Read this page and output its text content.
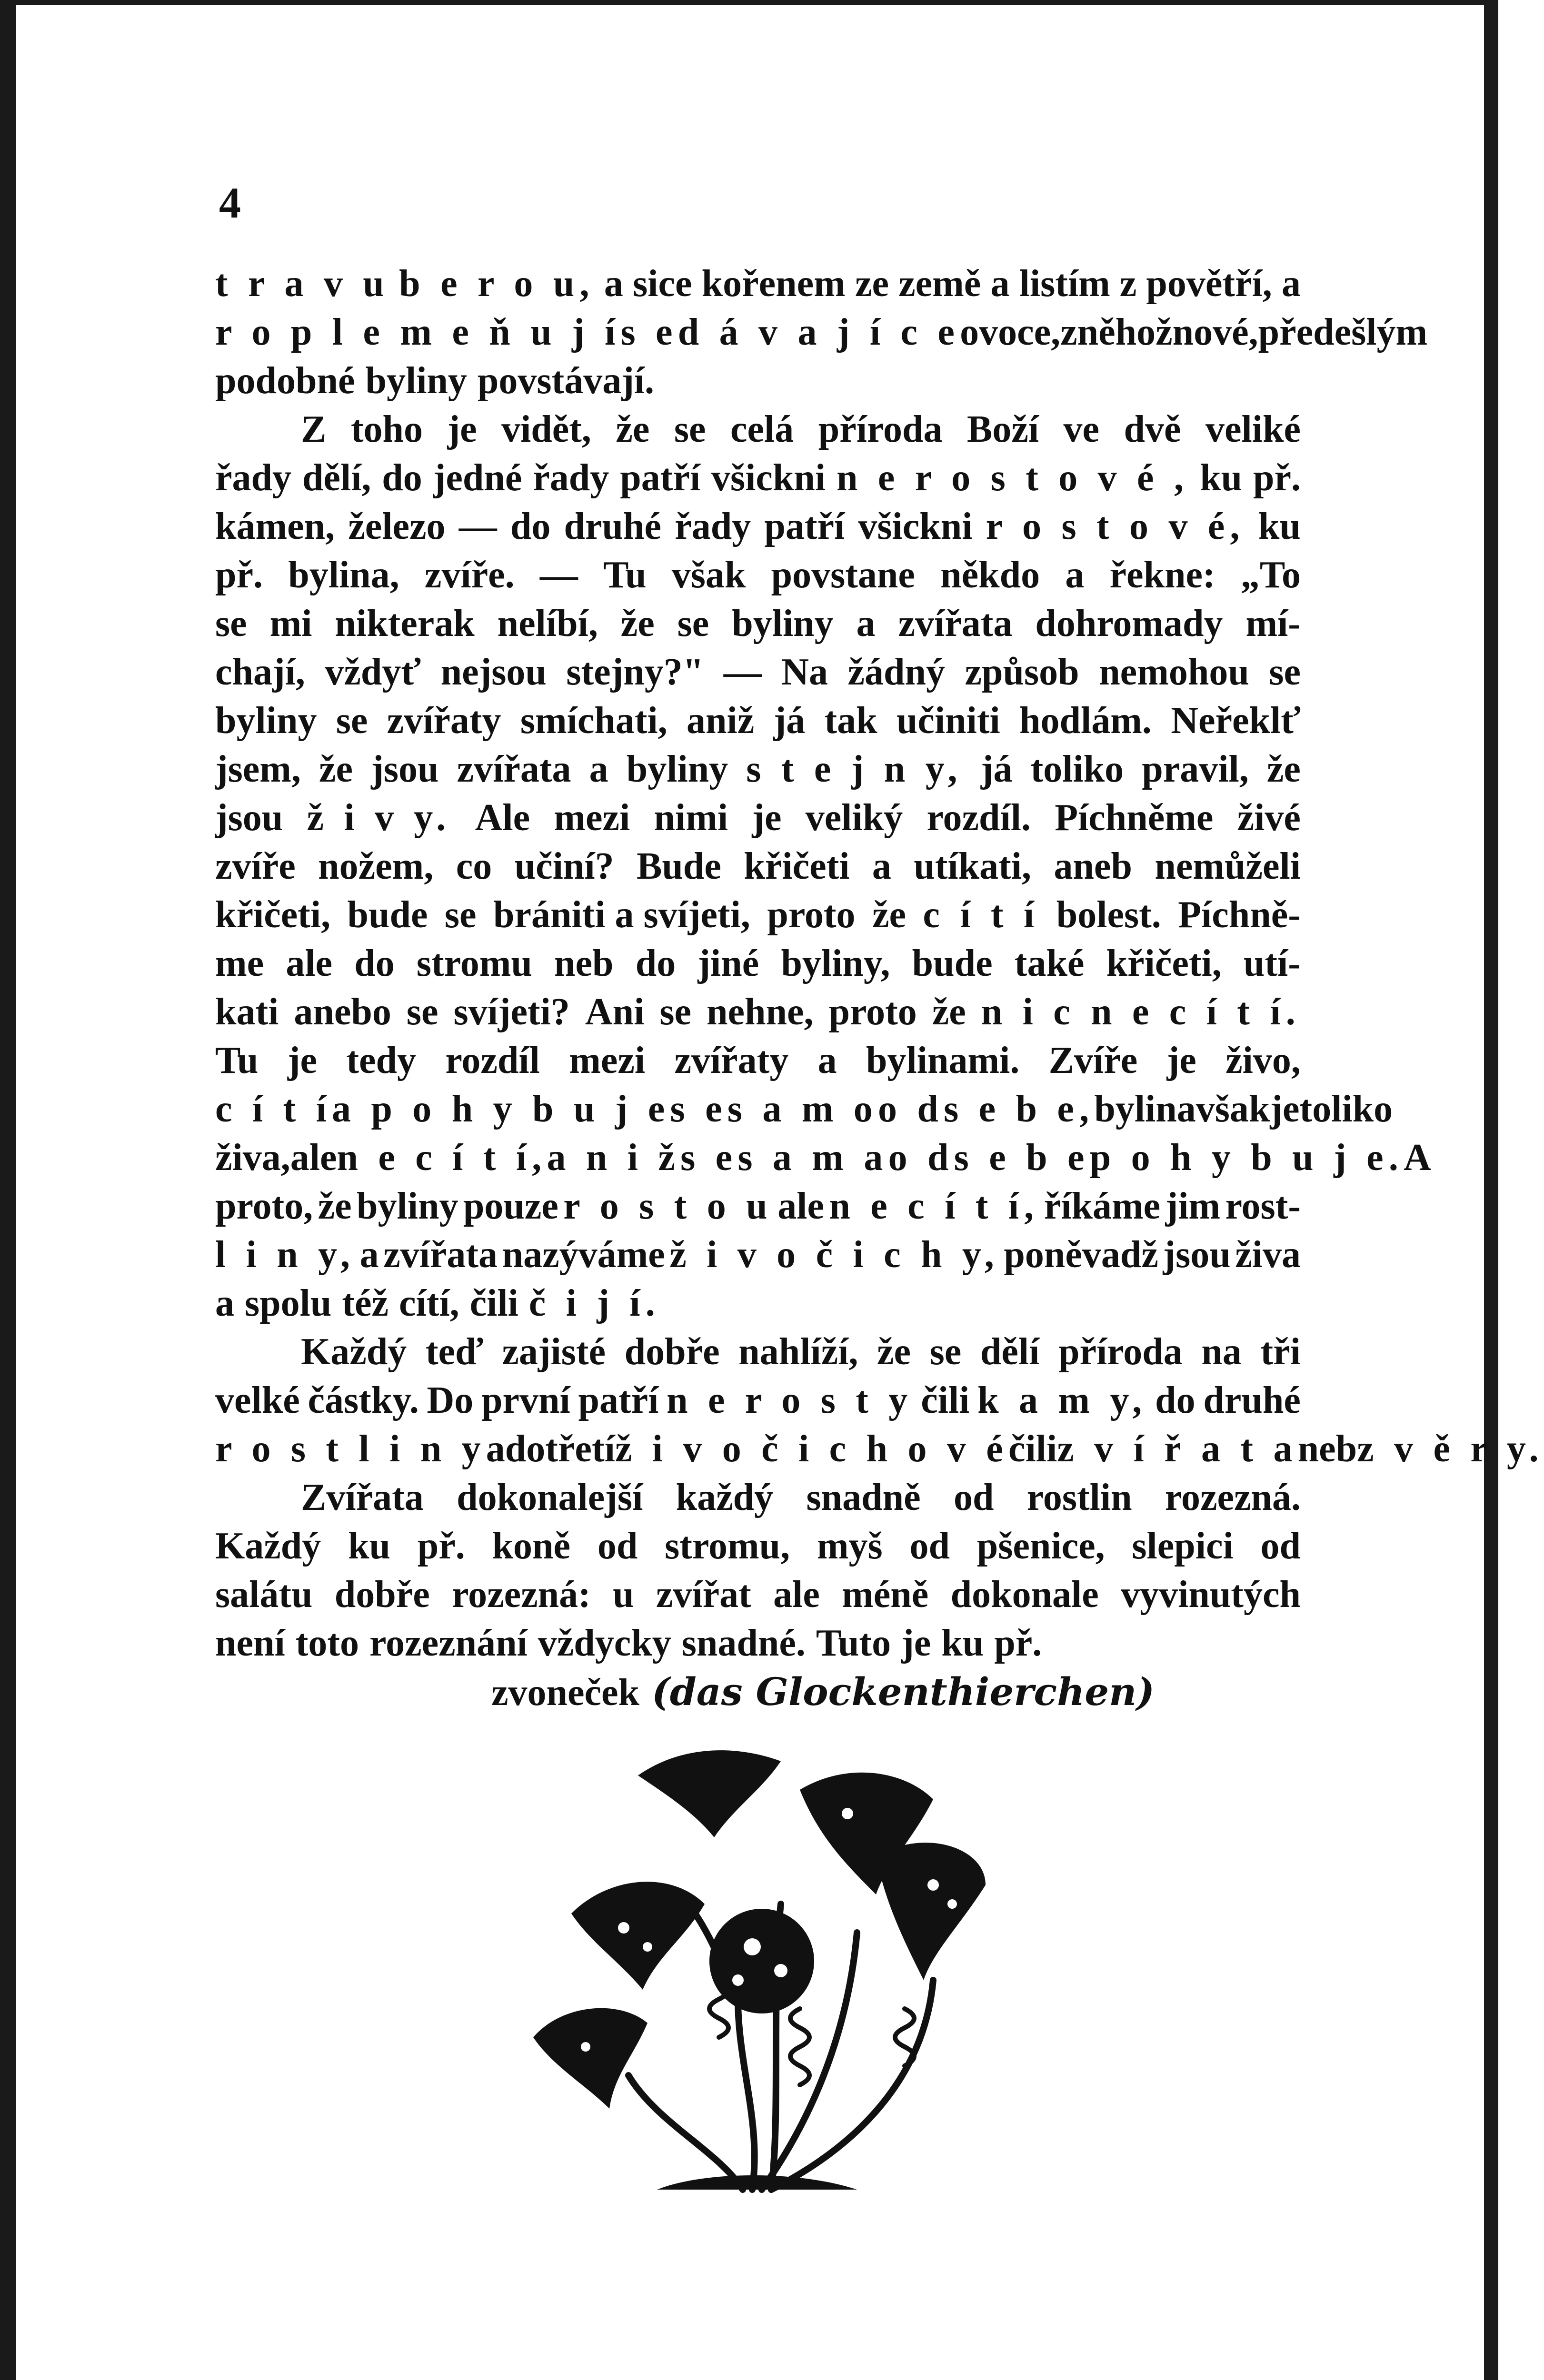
4
t r a v u b e r o u, a sice kořenem ze země a listím z povětří, a
r o p l e m e ň u j í s e d á v a j í c e ovoce , z něhož nové, předešlým
podobné byliny povstávají.
Z toho je vidět, že se celá příroda Boží ve dvě veliké
řady dělí, do jedné řady patří všickni n e r o s t o v é , ku př.
kámen, železo — do druhé řady patří všickni r o s t o v é, ku
př. bylina, zvíře. — Tu však povstane někdo a řekne: „To
se mi nikterak nelíbí, že se byliny a zvířata dohromady mí-
chají, vždyť nejsou stejny?" — Na žádný způsob nemohou se
byliny se zvířaty smíchati, aniž já tak učiniti hodlám. Neřeklť
jsem, že jsou zvířata a byliny s t e j n y, já toliko pravil, že
jsou ž i v y. Ale mezi nimi je veliký rozdíl. Píchněme živé
zvíře nožem, co učiní? Bude křičeti a utíkati, aneb nemůželi
křičeti, bude se brániti a svíjeti, proto že c í t í bolest. Píchně-
me ale do stromu neb do jiné byliny, bude také křičeti, utí-
kati anebo se svíjeti? Ani se nehne, proto že n i c n e c í t í.
Tu je tedy rozdíl mezi zvířaty a bylinami. Zvíře je živo,
c í t í a p o h y b u j e s e s a m o o d s e b e, bylina však je toliko
živa, ale n e c í t í, a n i ž s e s a m a o d s e b e p o h y b u j e. A
proto, že byliny pouze r o s t o u ale n e c í t í, říkáme jim rost-
l i n y, a zvířata nazýváme ž i v o č i c h y, poněvadž jsou živa
a spolu též cítí, čili č i j í.
Každý teď zajisté dobře nahlíží, že se dělí příroda na tři
velké částky. Do první patří n e r o s t y čili k a m y, do druhé
r o s t l i n y a do třetí ž i v o č i c h o v é čili z v í ř a t a neb z v ě r y.
Zvířata dokonalejší každý snadně od rostlin rozezná.
Každý ku př. koně od stromu, myš od pšenice, slepici od
salátu dobře rozezná: u zvířat ale méně dokonale vyvinutých
není toto rozeznání vždycky snadné. Tuto je ku př.
zvoneček (das Glockenthierchen)
